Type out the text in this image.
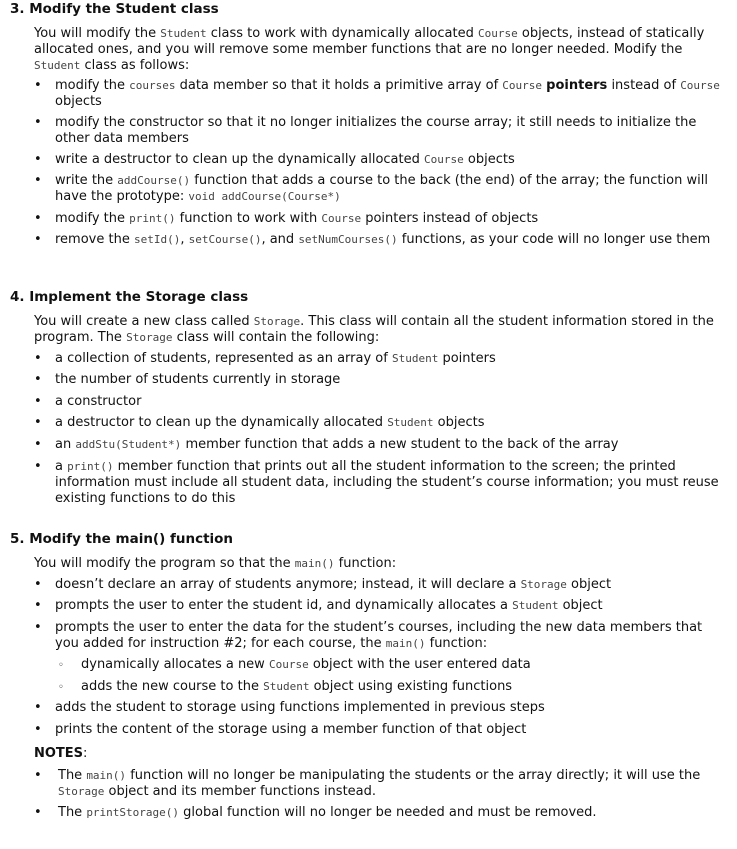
3. Modify the Student class
You will modify the Student class to work with dynamically allocated Course objects, instead of statically allocated ones, and you will remove some member functions that are no longer needed. Modify the Student class as follows:
• modify the courses data member so that it holds a primitive array of Course pointers instead of Course objects
• modify the constructor so that it no longer initializes the course array; it still needs to initialize the other data members
• write a destructor to clean up the dynamically allocated Course objects
• write the addCourse() function that adds a course to the back (the end) of the array; the function will have the prototype: void addCourse(Course*)
• modify the print() function to work with Course pointers instead of objects
• remove the setId(), setCourse(), and setNumCourses() functions, as your code will no longer use them
4. Implement the Storage class
You will create a new class called Storage. This class will contain all the student information stored in the program. The Storage class will contain the following:
• a collection of students, represented as an array of Student pointers
• the number of students currently in storage
• a constructor
• a destructor to clean up the dynamically allocated Student objects
• an addStu(Student*) member function that adds a new student to the back of the array
• a print() member function that prints out all the student information to the screen; the printed information must include all student data, including the student’s course information; you must reuse existing functions to do this
5. Modify the main() function
You will modify the program so that the main() function:
• doesn’t declare an array of students anymore; instead, it will declare a Storage object
• prompts the user to enter the student id, and dynamically allocates a Student object
• prompts the user to enter the data for the student’s courses, including the new data members that you added for instruction #2; for each course, the main() function:
◦ dynamically allocates a new Course object with the user entered data
◦ adds the new course to the Student object using existing functions
• adds the student to storage using functions implemented in previous steps
• prints the content of the storage using a member function of that object
NOTES:
• The main() function will no longer be manipulating the students or the array directly; it will use the Storage object and its member functions instead.
• The printStorage() global function will no longer be needed and must be removed.
